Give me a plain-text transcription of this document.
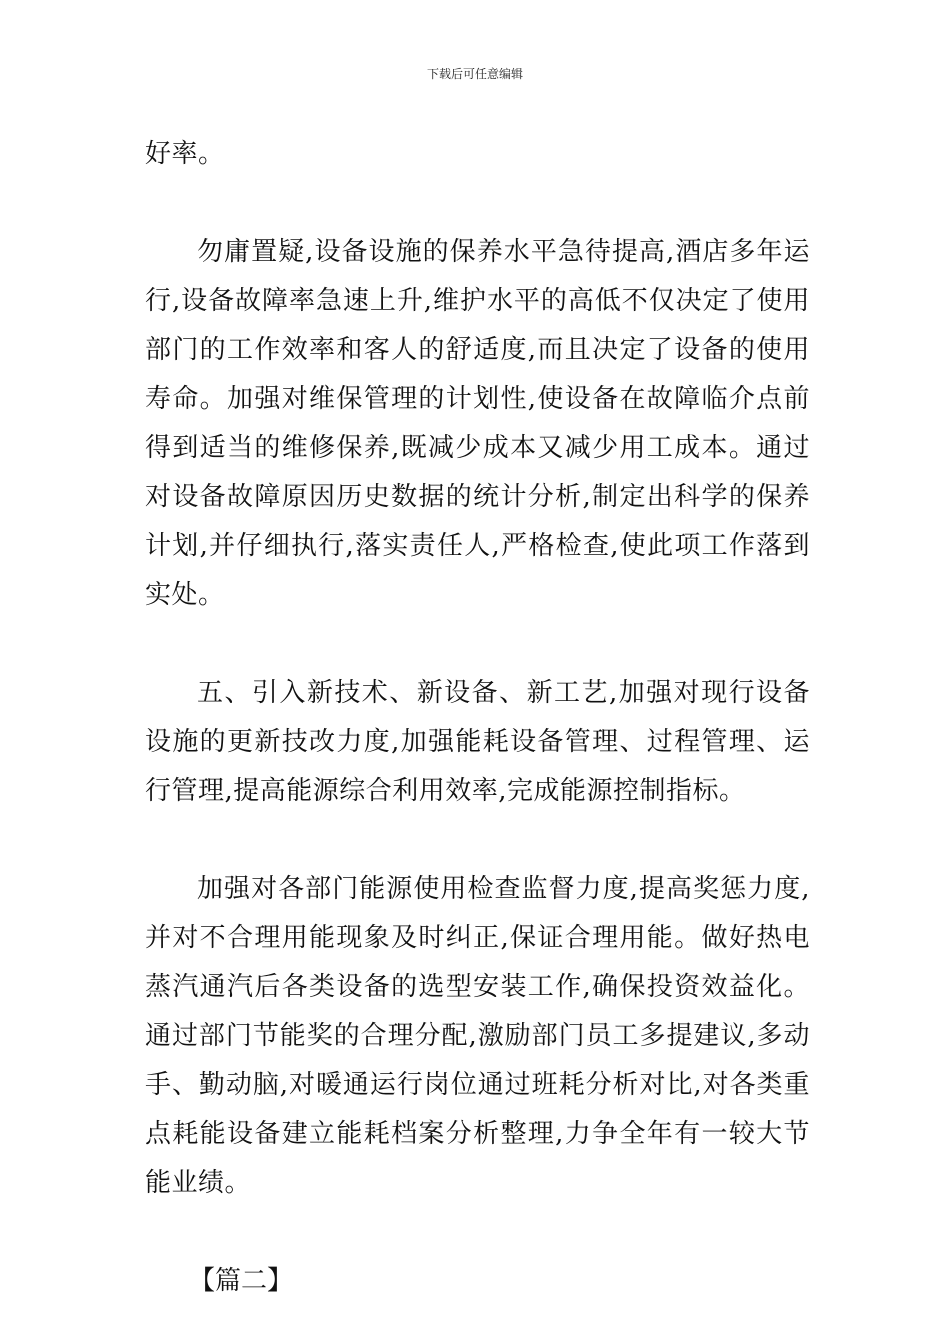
下载后可任意编辑

好率。

勿庸置疑,设备设施的保养水平急待提高,酒店多年运行,设备故障率急速上升,维护水平的高低不仅决定了使用部门的工作效率和客人的舒适度,而且决定了设备的使用寿命。加强对维保管理的计划性,使设备在故障临介点前得到适当的维修保养,既减少成本又减少用工成本。通过对设备故障原因历史数据的统计分析,制定出科学的保养计划,并仔细执行,落实责任人,严格检查,使此项工作落到实处。

五、引入新技术、新设备、新工艺,加强对现行设备设施的更新技改力度,加强能耗设备管理、过程管理、运行管理,提高能源综合利用效率,完成能源控制指标。

加强对各部门能源使用检查监督力度,提高奖惩力度,并对不合理用能现象及时纠正,保证合理用能。做好热电蒸汽通汽后各类设备的选型安装工作,确保投资效益化。通过部门节能奖的合理分配,激励部门员工多提建议,多动手、勤动脑,对暖通运行岗位通过班耗分析对比,对各类重点耗能设备建立能耗档案分析整理,力争全年有一较大节能业绩。

【篇二】
